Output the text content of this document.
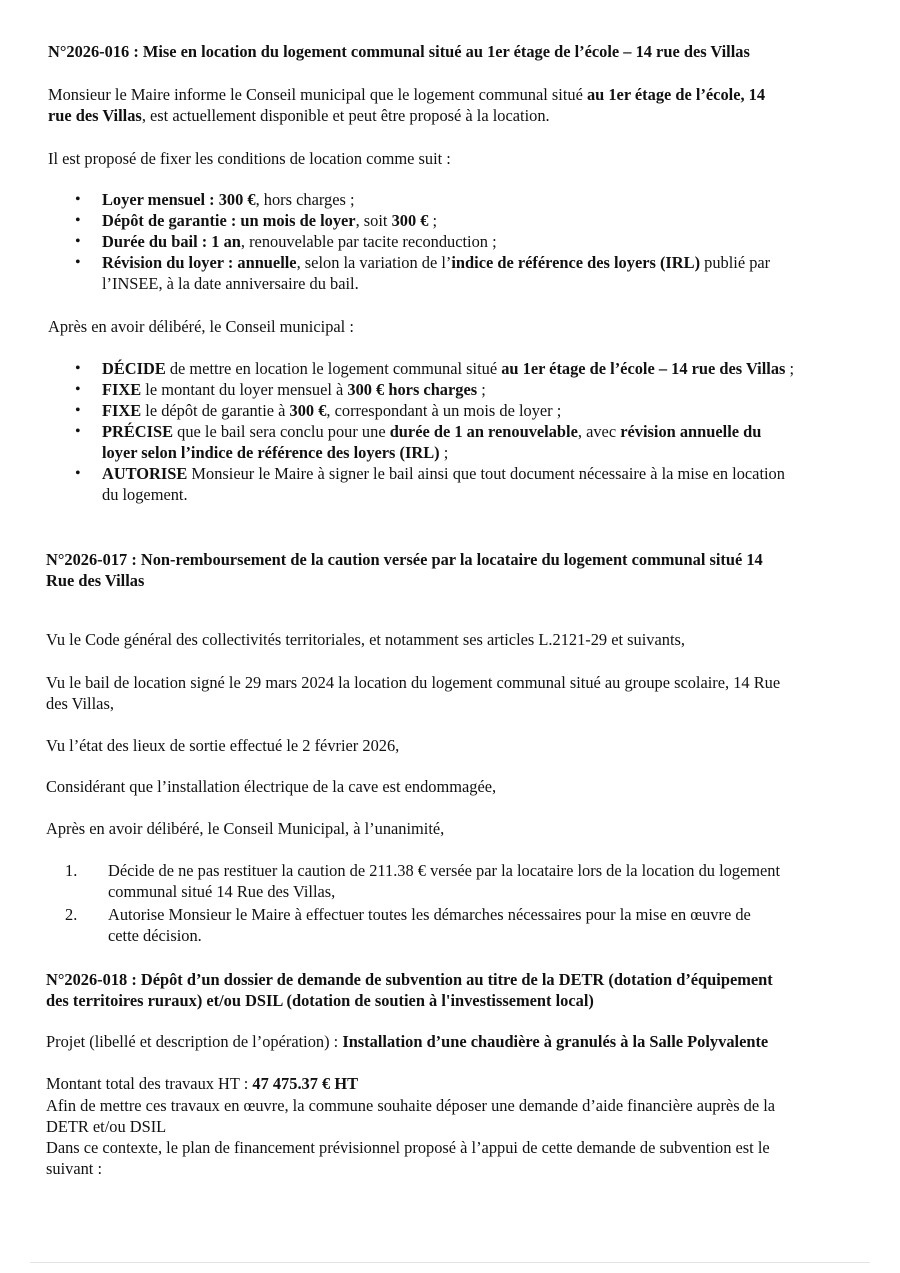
N°2026-016 : Mise en location du logement communal situé au 1er étage de l’école – 14 rue des Villas
Monsieur le Maire informe le Conseil municipal que le logement communal situé au 1er étage de l’école, 14
rue des Villas, est actuellement disponible et peut être proposé à la location.
Il est proposé de fixer les conditions de location comme suit :
• Loyer mensuel : 300 €, hors charges ;
• Dépôt de garantie : un mois de loyer, soit 300 € ;
• Durée du bail : 1 an, renouvelable par tacite reconduction ;
• Révision du loyer : annuelle, selon la variation de l’indice de référence des loyers (IRL) publié par
l’INSEE, à la date anniversaire du bail.
Après en avoir délibéré, le Conseil municipal :
• DÉCIDE de mettre en location le logement communal situé au 1er étage de l’école – 14 rue des Villas ;
• FIXE le montant du loyer mensuel à 300 € hors charges ;
• FIXE le dépôt de garantie à 300 €, correspondant à un mois de loyer ;
• PRÉCISE que le bail sera conclu pour une durée de 1 an renouvelable, avec révision annuelle du
loyer selon l’indice de référence des loyers (IRL) ;
• AUTORISE Monsieur le Maire à signer le bail ainsi que tout document nécessaire à la mise en location
du logement.
N°2026-017 : Non-remboursement de la caution versée par la locataire du logement communal situé 14
Rue des Villas
Vu le Code général des collectivités territoriales, et notamment ses articles L.2121-29 et suivants,
Vu le bail de location signé le 29 mars 2024 la location du logement communal situé au groupe scolaire, 14 Rue
des Villas,
Vu l’état des lieux de sortie effectué le 2 février 2026,
Considérant que l’installation électrique de la cave est endommagée,
Après en avoir délibéré, le Conseil Municipal, à l’unanimité,
1. Décide de ne pas restituer la caution de 211.38 € versée par la locataire lors de la location du logement
communal situé 14 Rue des Villas,
2. Autorise Monsieur le Maire à effectuer toutes les démarches nécessaires pour la mise en œuvre de
cette décision.
N°2026-018 : Dépôt d’un dossier de demande de subvention au titre de la DETR (dotation d’équipement
des territoires ruraux) et/ou DSIL (dotation de soutien à l'investissement local)
Projet (libellé et description de l’opération) : Installation d’une chaudière à granulés à la Salle Polyvalente
Montant total des travaux HT : 47 475.37 € HT
Afin de mettre ces travaux en œuvre, la commune souhaite déposer une demande d’aide financière auprès de la
DETR et/ou DSIL
Dans ce contexte, le plan de financement prévisionnel proposé à l’appui de cette demande de subvention est le
suivant :
